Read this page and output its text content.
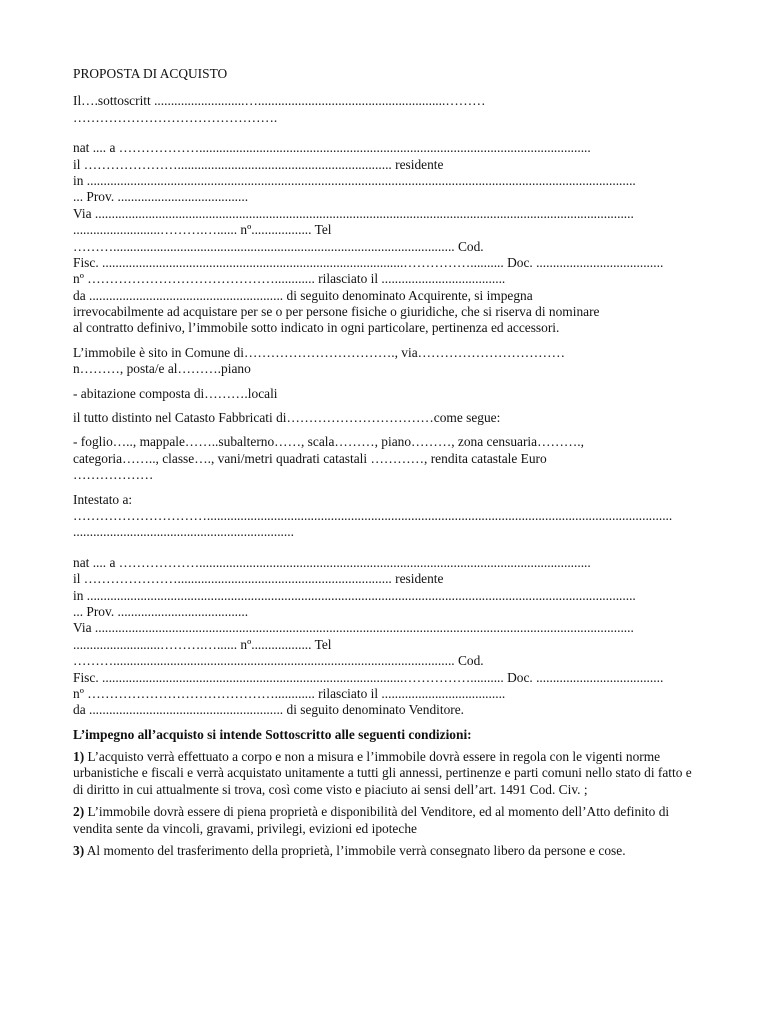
PROPOSTA DI ACQUISTO
Il….sottoscritt ...........................…........................................................………
……………………………………….
nat .... a ……………….....................................................................................................................
il …………………................................................................ residente
in ....................................................................................................................................................................
... Prov. .......................................
Via .................................................................................................................................................................
..........................……….…...... nº.................. Tel
………...................................................................................................... Cod.
Fisc. ..........................................................................................…………….......... Doc. ......................................
nº ……………………………………............ rilasciato il .....................................
da .......................................................... di seguito denominato Acquirente, si impegna
irrevocabilmente ad acquistare per se o per persone fisiche o giuridiche, che si riserva di nominare
al contratto definivo, l’immobile sotto indicato in ogni particolare, pertinenza ed accessori.
L’immobile è sito in Comune di……………………………., via……………………………
n………, posta/e al……….piano
- abitazione composta di……….locali
il tutto distinto nel Catasto Fabbricati di……………………………come segue:
- foglio….., mappale……..subalterno……, scala………, piano………, zona censuaria……….,
categoria…….., classe…., vani/metri quadrati catastali …………, rendita catastale Euro
………………
Intestato a:
…………………………...........................................................................................................................................
..................................................................
nat .... a ……………….....................................................................................................................
il …………………................................................................ residente
in ....................................................................................................................................................................
... Prov. .......................................
Via .................................................................................................................................................................
..........................……….…...... nº.................. Tel
………...................................................................................................... Cod.
Fisc. ..........................................................................................…………….......... Doc. ......................................
nº ……………………………………............ rilasciato il .....................................
da .......................................................... di seguito denominato Venditore.
L’impegno all’acquisto si intende Sottoscritto alle seguenti condizioni:

1) L’acquisto verrà effettuato a corpo e non a misura e l’immobile dovrà essere in regola con le vigenti norme urbanistiche e fiscali e verrà acquistato unitamente a tutti gli annessi, pertinenze e parti comuni nello stato di fatto e di diritto in cui attualmente si trova, così come visto e piaciuto ai sensi dell’art. 1491 Cod. Civ. ;

2) L’immobile dovrà essere di piena proprietà e disponibilità del Venditore, ed al momento dell’Atto definito di vendita sente da vincoli, gravami, privilegi, evizioni ed ipoteche

3) Al momento del trasferimento della proprietà, l’immobile verrà consegnato libero da persone e cose.
